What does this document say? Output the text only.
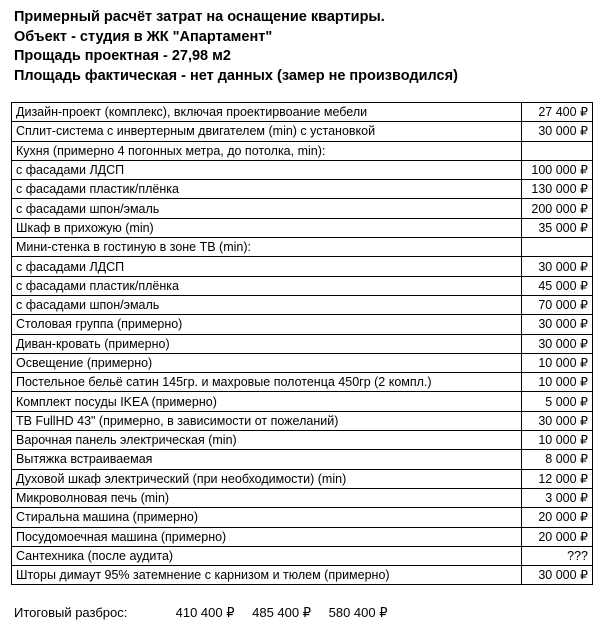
Примерный расчёт затрат на оснащение квартиры.
Объект - студия в ЖК "Апартамент"
Прощадь проектная - 27,98 м2
Площадь фактическая - нет данных (замер не производился)
Дизайн-проект (комплекс), включая проектирвоание мебели	27 400 ₽
Сплит-система с инвертерным двигателем (min) с установкой	30 000 ₽
Кухня (примерно 4 погонных метра, до потолка, min):	
с фасадами ЛДСП	100 000 ₽
с фасадами пластик/плёнка	130 000 ₽
с фасадами шпон/эмаль	200 000 ₽
Шкаф в прихожую (min)	35 000 ₽
Мини-стенка в гостиную в зоне ТВ (min):	
с фасадами ЛДСП	30 000 ₽
с фасадами пластик/плёнка	45 000 ₽
с фасадами шпон/эмаль	70 000 ₽
Столовая группа (примерно)	30 000 ₽
Диван-кровать (примерно)	30 000 ₽
Освещение (примерно)	10 000 ₽
Постельное бельё сатин 145гр. и махровые полотенца 450гр (2 компл.)	10 000 ₽
Комплект посуды IKEA (примерно)	5 000 ₽
ТВ FullHD 43" (примерно, в зависимости от пожеланий)	30 000 ₽
Варочная панель электрическая (min)	10 000 ₽
Вытяжка встраиваемая	8 000 ₽
Духовой шкаф электрический (при необходимости) (min)	12 000 ₽
Микроволновая печь (min)	3 000 ₽
Стиральна машина (примерно)	20 000 ₽
Посудомоечная машина (примерно)	20 000 ₽
Сантехника (после аудита)	???
Шторы димаут 95% затемнение с карнизом и тюлем (примерно)	30 000 ₽
Итоговый разброс:	410 400 ₽ 485 400 ₽ 580 400 ₽
